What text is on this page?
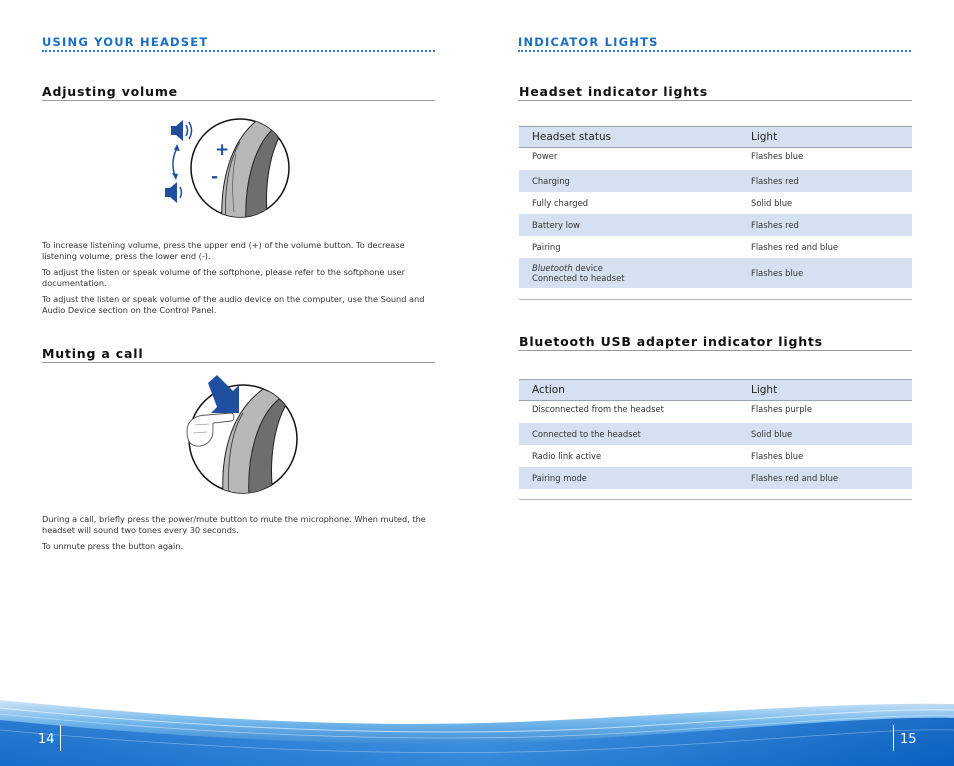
USING YOUR HEADSET
Adjusting volume
+
-

To increase listening volume, press the upper end (+) of the volume button. To decrease listening volume, press the lower end (-).

To adjust the listen or speak volume of the softphone, please refer to the softphone user documentation.

To adjust the listen or speak volume of the audio device on the computer, use the Sound and Audio Device section on the Control Panel.

Muting a call

During a call, briefly press the power/mute button to mute the microphone. When muted, the headset will sound two tones every 30 seconds.

To unmute press the button again.

INDICATOR LIGHTS
Headset indicator lights
Headset status	Light
Power	Flashes blue
Charging	Flashes red
Fully charged	Solid blue
Battery low	Flashes red
Pairing	Flashes red and blue
Bluetooth device
Connected to headset	Flashes blue
Bluetooth USB adapter indicator lights
Action	Light
Disconnected from the headset	Flashes purple
Connected to the headset	Solid blue
Radio link active	Flashes blue
Pairing mode	Flashes red and blue
14	15
